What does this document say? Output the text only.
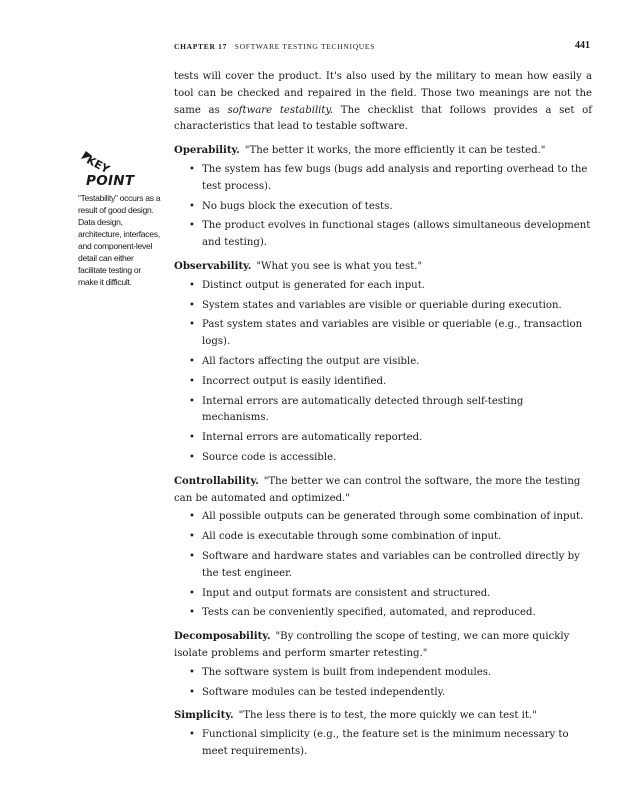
CHAPTER 17 SOFTWARE TESTING TECHNIQUES	441
KEY
POINT
“Testability” occurs as a result of good design. Data design, architecture, interfaces, and component-level detail can either facilitate testing or make it difficult.

tests will cover the product. It's also used by the military to mean how easily a tool can be checked and repaired in the field. Those two meanings are not the same as software testability. The checklist that follows provides a set of characteristics that lead to testable software.

Operability. "The better it works, the more efficiently it can be tested."

• The system has few bugs (bugs add analysis and reporting overhead to the test process).
• No bugs block the execution of tests.
• The product evolves in functional stages (allows simultaneous development and testing).

Observability. "What you see is what you test."

• Distinct output is generated for each input.
• System states and variables are visible or queriable during execution.
• Past system states and variables are visible or queriable (e.g., transaction logs).
• All factors affecting the output are visible.
• Incorrect output is easily identified.
• Internal errors are automatically detected through self-testing mechanisms.
• Internal errors are automatically reported.
• Source code is accessible.

Controllability. "The better we can control the software, the more the testing can be automated and optimized."

• All possible outputs can be generated through some combination of input.
• All code is executable through some combination of input.
• Software and hardware states and variables can be controlled directly by the test engineer.
• Input and output formats are consistent and structured.
• Tests can be conveniently specified, automated, and reproduced.

Decomposability. "By controlling the scope of testing, we can more quickly isolate problems and perform smarter retesting."

• The software system is built from independent modules.
• Software modules can be tested independently.

Simplicity. "The less there is to test, the more quickly we can test it."

• Functional simplicity (e.g., the feature set is the minimum necessary to meet requirements).
